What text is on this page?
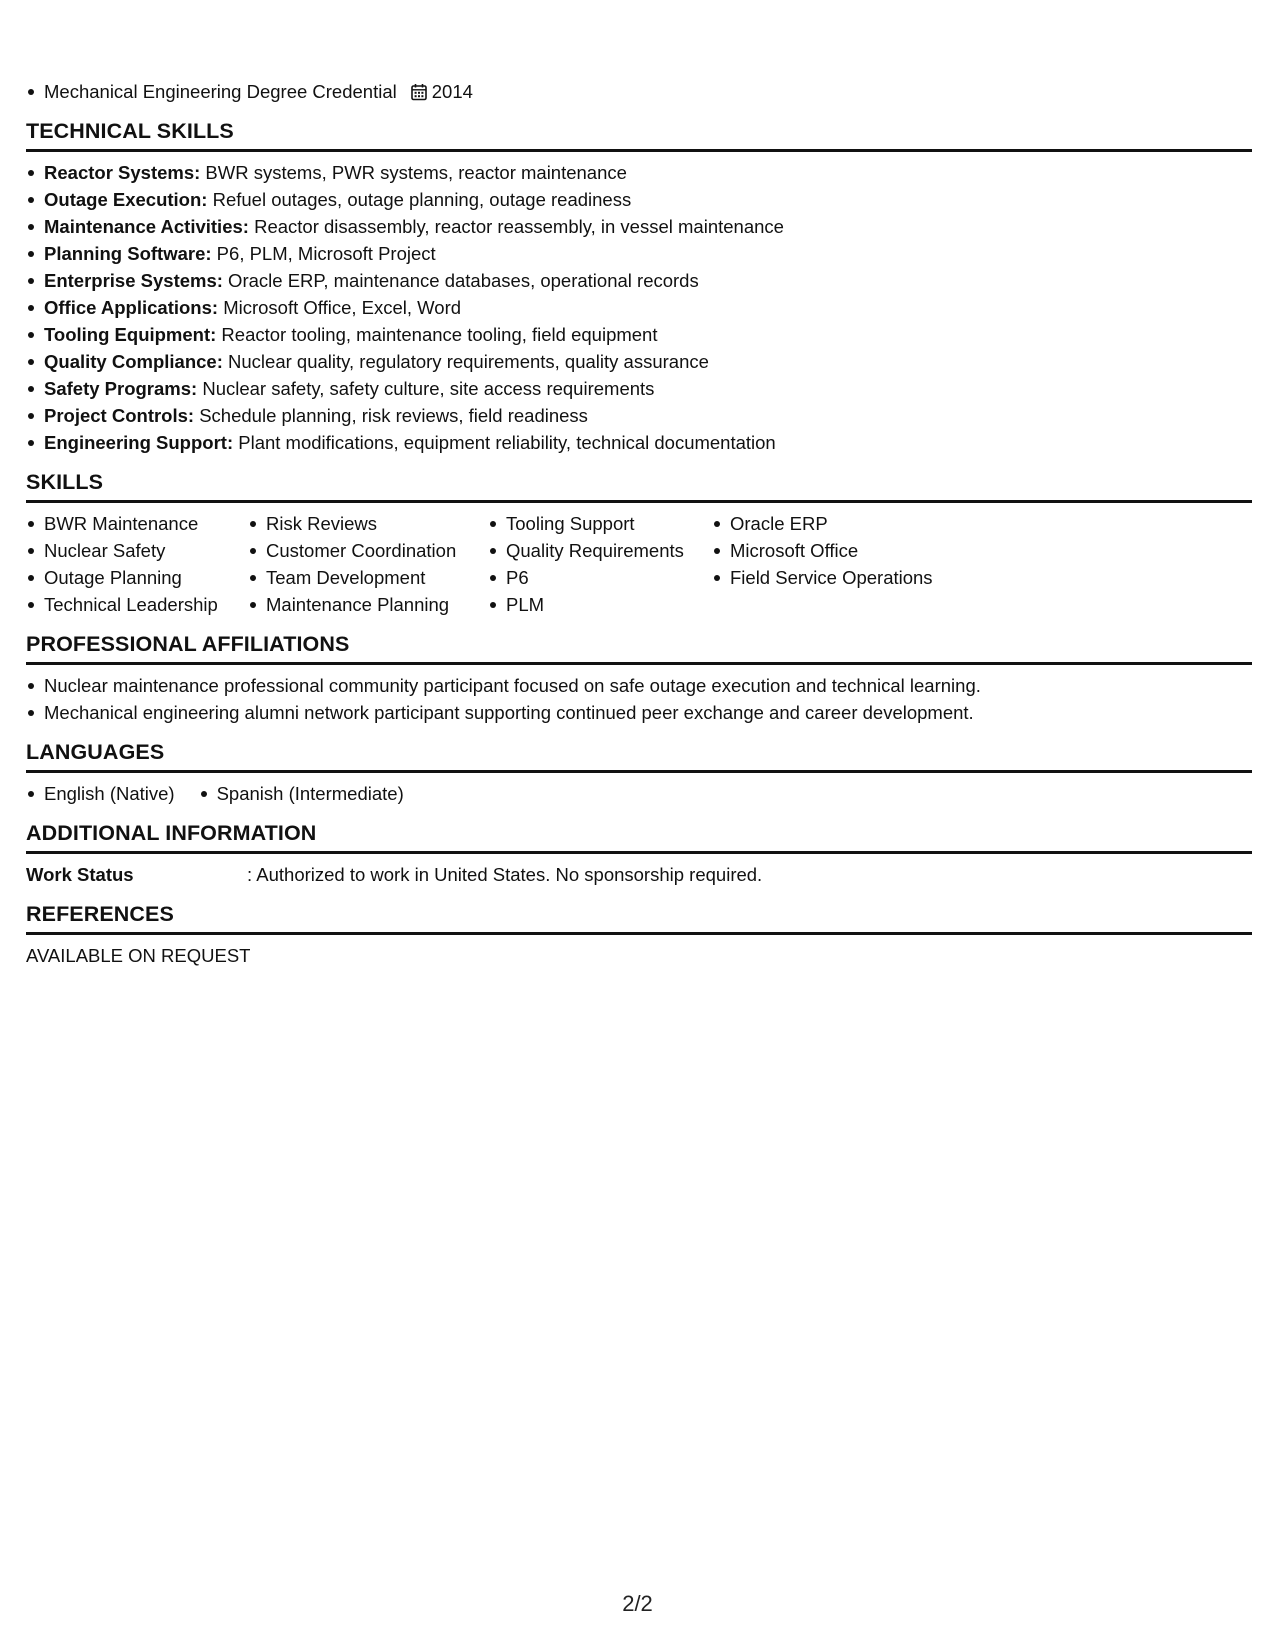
Mechanical Engineering Degree Credential 2014
TECHNICAL SKILLS
Reactor Systems: BWR systems, PWR systems, reactor maintenance
Outage Execution: Refuel outages, outage planning, outage readiness
Maintenance Activities: Reactor disassembly, reactor reassembly, in vessel maintenance
Planning Software: P6, PLM, Microsoft Project
Enterprise Systems: Oracle ERP, maintenance databases, operational records
Office Applications: Microsoft Office, Excel, Word
Tooling Equipment: Reactor tooling, maintenance tooling, field equipment
Quality Compliance: Nuclear quality, regulatory requirements, quality assurance
Safety Programs: Nuclear safety, safety culture, site access requirements
Project Controls: Schedule planning, risk reviews, field readiness
Engineering Support: Plant modifications, equipment reliability, technical documentation
SKILLS
BWR Maintenance
Nuclear Safety
Outage Planning
Technical Leadership
Risk Reviews
Customer Coordination
Team Development
Maintenance Planning
Tooling Support
Quality Requirements
P6
PLM
Oracle ERP
Microsoft Office
Field Service Operations
PROFESSIONAL AFFILIATIONS
Nuclear maintenance professional community participant focused on safe outage execution and technical learning.
Mechanical engineering alumni network participant supporting continued peer exchange and career development.
LANGUAGES
English (Native)	Spanish (Intermediate)
ADDITIONAL INFORMATION
Work Status	: Authorized to work in United States. No sponsorship required.
REFERENCES
AVAILABLE ON REQUEST
2/2
